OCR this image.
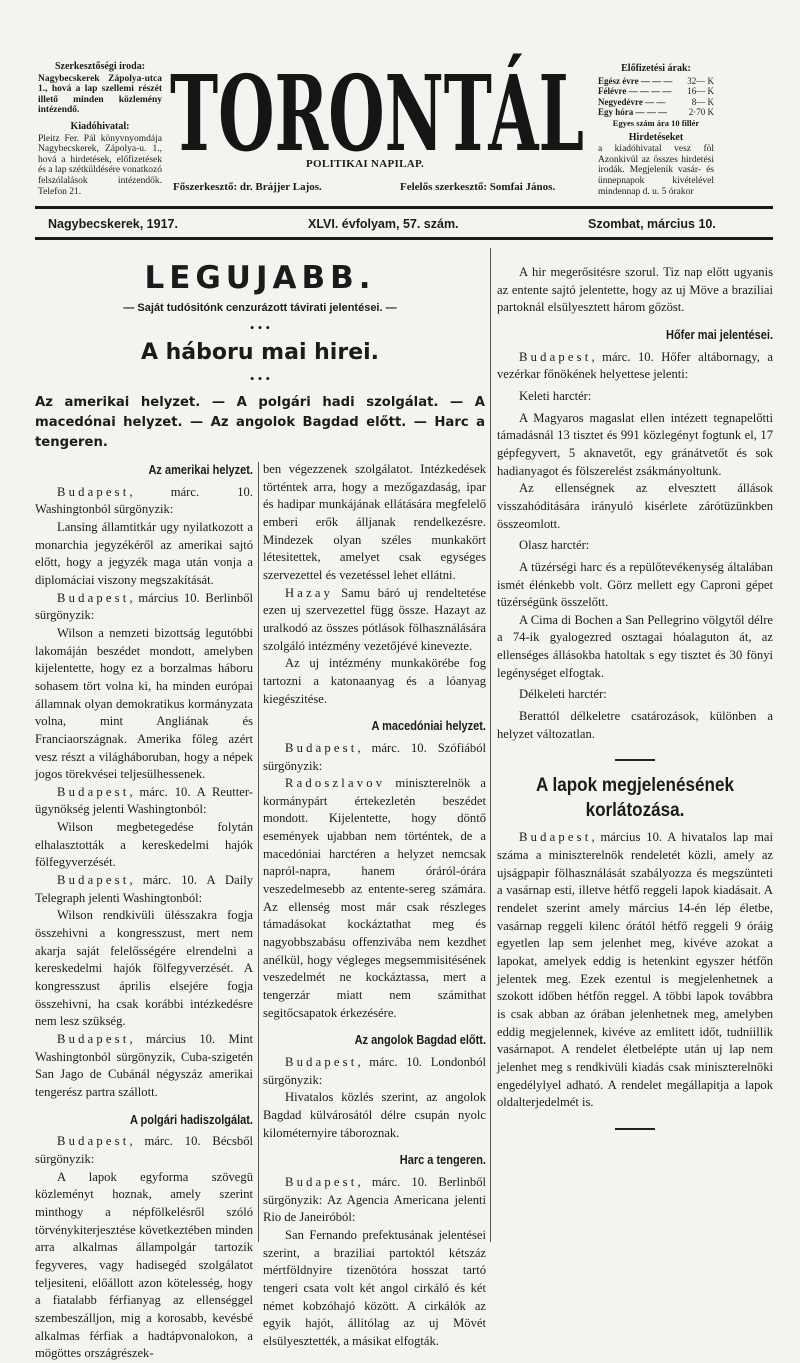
Szerkesztőségi iroda:
Nagybecskerek Zápolya-utca 1., hová a lap szellemi részét illető minden közlemény intézendő.
Kiadóhivatal:
Pleitz Fer. Pál könyvnyomdája Nagybecskerek, Zápolya-u. 1., hová a hirdetések, előfizetések és a lap szétküldésére vonatkozó felszólalások intézendők. Telefon 21.
TORONTÁL
POLITIKAI NAPILAP.
Főszerkesztő: dr. Brájjer Lajos.	Felelős szerkesztő: Somfai János.
Előfizetési árak:
Egész évre — — — 32— K
Félévre — — — — 16— K
Negyedévre — —	8— K
Egy hóra — — — 2·70 K
Egyes szám ára 10 fillér
Hirdetéseket
a kiadóhivatal vesz föl Azonkivül az összes hirdetési irodák. Megjelenik vasár- és ünnepnapok kivételével mindennap d. u. 5 órakor
Nagybecskerek, 1917.	XLVI. évfolyam, 57. szám.	Szombat, március 10.
LEGUJABB.
— Saját tudósitónk cenzurázott távirati jelentései. —
• • •
A háboru mai hirei.
• • •
Az amerikai helyzet. — A polgári hadi szolgálat. — A macedónai helyzet. — Az angolok Bagdad előtt. — Harc a tengeren.
Az amerikai helyzet.

Budapest, márc. 10. Washingtonból sürgönyzik:

Lansing államtitkár ugy nyilatkozott a monarchia jegyzékéről az amerikai sajtó előtt, hogy a jegyzék maga után vonja a diplomáciai viszony megszakítását.

Budapest, március 10. Berlinből sürgönyzik:

Wilson a nemzeti bizottság legutóbbi lakomáján beszédet mondott, amelyben kijelentette, hogy ez a borzalmas háboru sohasem tört volna ki, ha minden európai államnak olyan demokratikus kormányzata volna, mint Angliának és Franciaországnak. Amerika főleg azért vesz részt a világháboruban, hogy a népek jogos törekvései teljesülhessenek.

Budapest, márc. 10. A Reutter-ügynökség jelenti Washingtonból:

Wilson megbetegedése folytán elhalasztották a kereskedelmi hajók fölfegyverzését.

Budapest, márc. 10. A Daily Telegraph jelenti Washingtonból:

Wilson rendkivüli ülésszakra fogja összehivni a kongresszust, mert nem akarja saját felelősségére elrendelni a kereskedelmi hajók fölfegyverzését. A kongresszust április elsejére fogja összehivni, ha csak korábbi intézkedésre nem lesz szükség.

Budapest, március 10. Mint Washingtonból sürgönyzik, Cuba-szigetén San Jago de Cubánál négyszáz amerikai tengerész partra szállott.

A polgári hadiszolgálat.

Budapest, márc. 10. Bécsből sürgönyzik:

A lapok egyforma szövegü közleményt hoznak, amely szerint minthogy a népfölkelésről szóló törvénykiterjesztése következtében minden arra alkalmas állampolgár tartozik fegyveres, vagy hadisegéd szolgálatot teljesiteni, előállott azon kötelesség, hogy a fiatalabb férfianyag az ellenséggel szembeszálljon, mig a korosabb, kevésbé alkalmas férfiak a hadtápvonalokon, a mögöttes országrészek-

ben végezzenek szolgálatot. Intézkedések történtek arra, hogy a mezőgazdaság, ipar és hadipar munkájának ellátására megfelelő emberi erők álljanak rendelkezésre. Mindezek olyan széles munkakört létesitettek, amelyet csak egységes szervezettel és vezetéssel lehet ellátni.

Hazay Samu báró uj rendeltetése ezen uj szervezettel függ össze. Hazayt az uralkodó az összes pótlások fölhasználására szolgáló intézmény vezetőjévé kinevezte.

Az uj intézmény munkakörébe fog tartozni a katonaanyag és a lóanyag kiegészitése.

A macedóniai helyzet.

Budapest, márc. 10. Szófiából sürgönyzik:

Radoszlavov miniszterelnök a kormánypárt értekezletén beszédet mondott. Kijelentette, hogy döntő események ujabban nem történtek, de a macedóniai harctéren a helyzet nemcsak napról-napra, hanem óráról-órára veszedelmesebb az entente-sereg számára. Az ellenség most már csak részleges támadásokat kockáztathat meg és nagyobbszabásu offenzivába nem kezdhet anélkül, hogy végleges megsemmisitésének veszedelmét ne kockáztassa, mert a tengerzár miatt nem számithat segitőcsapatok érkezésére.

Az angolok Bagdad előtt.

Budapest, márc. 10. Londonból sürgönyzik:

Hivatalos közlés szerint, az angolok Bagdad külvárosától délre csupán nyolc kilométernyire táboroznak.

Harc a tengeren.

Budapest, márc. 10. Berlinből sürgönyzik: Az Agencia Americana jelenti Rio de Janeiróból:

San Fernando prefektusának jelentései szerint, a braziliai partoktól kétszáz mértföldnyire tizenötóra hosszat tartó tengeri csata volt két angol cirkáló és két német kobzóhajó között. A cirkálók az egyik hajót, állitólag az uj Mövét elsülyesztették, a másikat elfogták.

A hir megerősitésre szorul. Tiz nap előtt ugyanis az entente sajtó jelentette, hogy az uj Möve a braziliai partoknál elsülyesztett három gőzöst.

Hőfer mai jelentései.

Budapest, márc. 10. Hőfer altábornagy, a vezérkar főnökének helyettese jelenti:

Keleti harctér:

A Magyaros magaslat ellen intézett tegnapelőtti támadásnál 13 tisztet és 991 közlegényt fogtunk el, 17 gépfegyvert, 5 aknavetőt, egy gránátvetőt és sok hadianyagot és fölszerelést zsákmányoltunk.

Az ellenségnek az elvesztett állások visszahóditására irányuló kisérlete zárótüzünkben összeomlott.

Olasz harctér:

A tüzérségi harc és a repülőtevékenység általában ismét élénkebb volt. Görz mellett egy Caproni gépet tüzérségünk összelőtt.

A Cima di Bochen a San Pellegrino völgytől délre a 74-ik gyalogezred osztagai hóalaguton át, az ellenséges állásokba hatoltak s egy tisztet és 30 fönyi legénységet elfogtak.

Délkeleti harctér:

Berattól délkeletre csatározások, különben a helyzet változatlan.

A lapok megjelenésének korlátozása.

Budapest, március 10. A hivatalos lap mai száma a miniszterelnök rendeletét közli, amely az ujságpapir fölhasználását szabályozza és megszünteti a vasárnap esti, illetve hétfő reggeli lapok kiadásait. A rendelet szerint amely március 14-én lép életbe, vasárnap reggeli kilenc órától hétfő reggeli 9 óráig egyetlen lap sem jelenhet meg, kivéve azokat a lapokat, amelyek eddig is hetenkint egyszer hétfőn jelentek meg. Ezek ezentul is megjelenhetnek a szokott időben hétfőn reggel. A többi lapok továbbra is csak abban az órában jelenhetnek meg, amelyben eddig megjelennek, kivéve az emlitett időt, tudniillik vasárnapot. A rendelet életbelépte után uj lap nem jelenhet meg s rendkivüli kiadás csak miniszterelnöki engedélylyel adható. A rendelet megállapitja a lapok oldalterjedelmét is.
